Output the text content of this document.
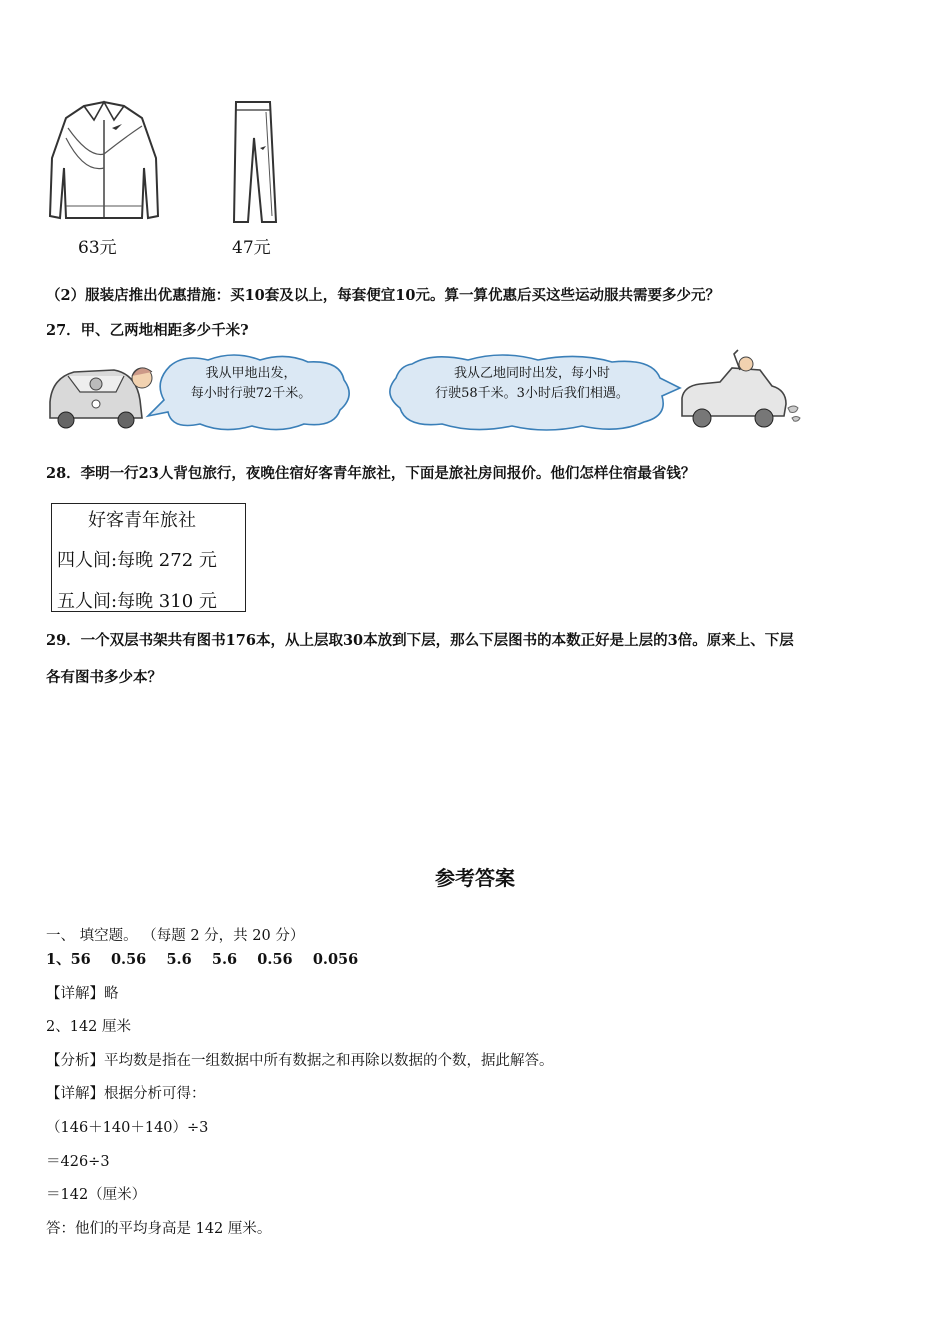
63元	47元
（2）服装店推出优惠措施：买10套及以上，每套便宜10元。算一算优惠后买这些运动服共需要多少元？
27．甲、乙两地相距多少千米?
我从甲地出发，
每小时行驶72千米。
我从乙地同时出发，每小时
行驶58千米。3小时后我们相遇。
28．李明一行23人背包旅行，夜晚住宿好客青年旅社，下面是旅社房间报价。他们怎样住宿最省钱？
好客青年旅社
四人间:每晚 272 元
五人间:每晚 310 元
29．一个双层书架共有图书176本，从上层取30本放到下层，那么下层图书的本数正好是上层的3倍。原来上、下层
各有图书多少本？
参考答案
一、 填空题。 （每题 2 分，共 20 分）
1、56    0.56    5.6    5.6    0.56    0.056
【详解】略
2、142 厘米
【分析】平均数是指在一组数据中所有数据之和再除以数据的个数，据此解答。
【详解】根据分析可得：
（146＋140＋140）÷3
＝426÷3
＝142（厘米）
答：他们的平均身高是 142 厘米。
